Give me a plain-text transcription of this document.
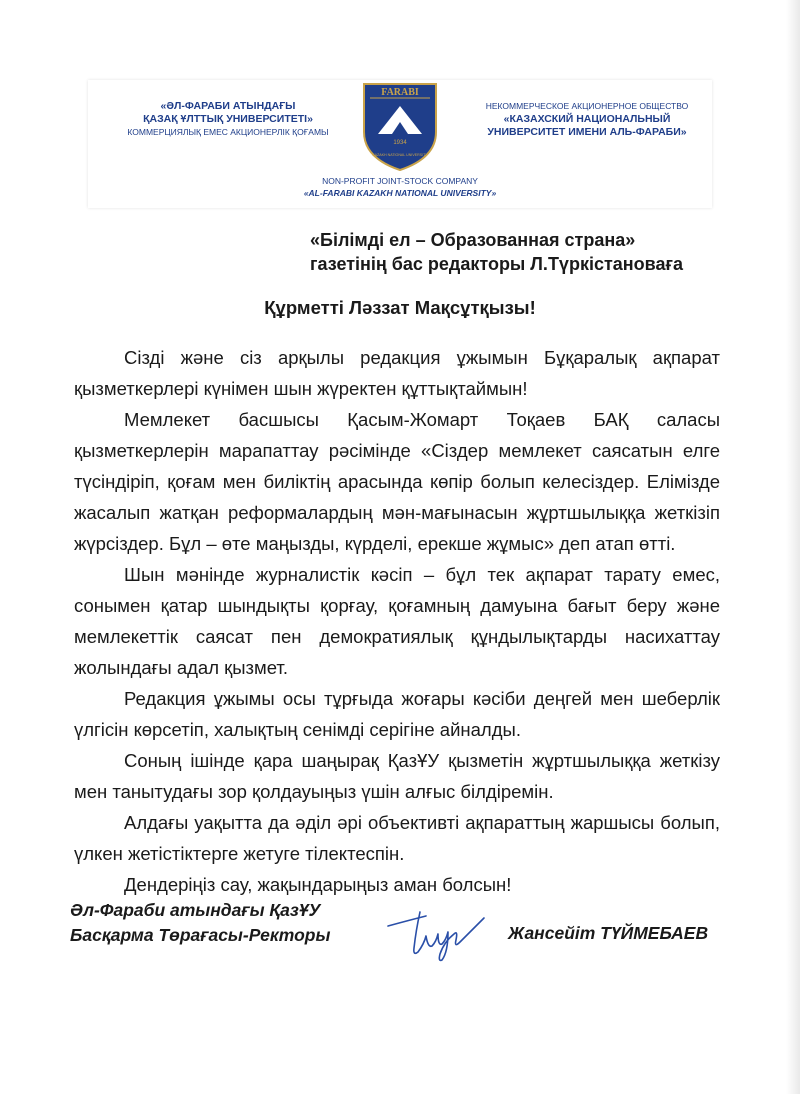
«ӘЛ-ФАРАБИ АТЫНДАҒЫ
ҚАЗАҚ ҰЛТТЫҚ УНИВЕРСИТЕТІ»
КОММЕРЦИЯЛЫҚ ЕМЕС АКЦИОНЕРЛІК ҚОҒАМЫ
FARABI
1934
KAZAKH NATIONAL UNIVERSITY
НЕКОММЕРЧЕСКОЕ АКЦИОНЕРНОЕ ОБЩЕСТВО
«КАЗАХСКИЙ НАЦИОНАЛЬНЫЙ
УНИВЕРСИТЕТ ИМЕНИ АЛЬ-ФАРАБИ»
NON-PROFIT JOINT-STOCK COMPANY
«AL-FARABI KAZAKH NATIONAL UNIVERSITY»
«Білімді ел – Образованная страна»
газетінің бас редакторы Л.Түркістановаға
Құрметті Ләззат Мақсұтқызы!

Сізді және сіз арқылы редакция ұжымын Бұқаралық ақпарат қызметкерлері күнімен шын жүректен құттықтаймын!

Мемлекет басшысы Қасым-Жомарт Тоқаев БАҚ саласы қызметкерлерін марапаттау рәсімінде «Сіздер мемлекет саясатын елге түсіндіріп, қоғам мен биліктің арасында көпір болып келесіздер. Елімізде жасалып жатқан реформалардың мән-мағынасын жұртшылыққа жеткізіп жүрсіздер. Бұл – өте маңызды, күрделі, ерекше жұмыс» деп атап өтті.

Шын мәнінде журналистік кәсіп – бұл тек ақпарат тарату емес, сонымен қатар шындықты қорғау, қоғамның дамуына бағыт беру және мемлекеттік саясат пен демократиялық құндылықтарды насихаттау жолындағы адал қызмет.

Редакция ұжымы осы тұрғыда жоғары кәсіби деңгей мен шеберлік үлгісін көрсетіп, халықтың сенімді серігіне айналды.

Соның ішінде қара шаңырақ ҚазҰУ қызметін жұртшылыққа жеткізу мен танытудағы зор қолдауыңыз үшін алғыс білдіремін.

Алдағы уақытта да әділ әрі объективті ақпараттың жаршысы болып, үлкен жетістіктерге жетуге тілектеспін.

Дендеріңіз сау, жақындарыңыз аман болсын!

Әл-Фараби атындағы ҚазҰУ
Басқарма Төрағасы-Ректоры	Жансейіт ТҮЙМЕБАЕВ
